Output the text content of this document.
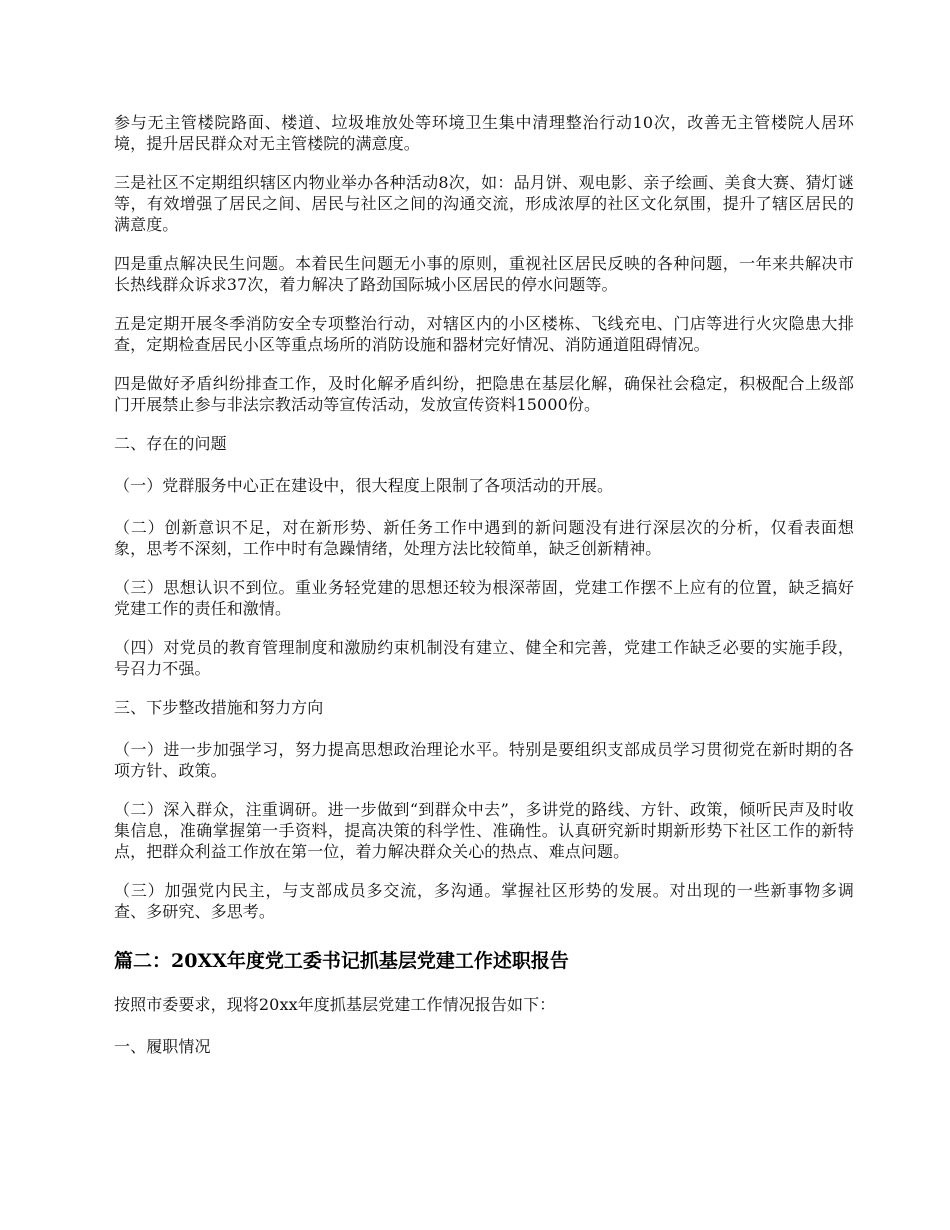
参与无主管楼院路面、楼道、垃圾堆放处等环境卫生集中清理整治行动10次，改善无主管楼院人居环境，提升居民群众对无主管楼院的满意度。

三是社区不定期组织辖区内物业举办各种活动8次，如：品月饼、观电影、亲子绘画、美食大赛、猜灯谜等，有效增强了居民之间、居民与社区之间的沟通交流，形成浓厚的社区文化氛围，提升了辖区居民的满意度。

四是重点解决民生问题。本着民生问题无小事的原则，重视社区居民反映的各种问题，一年来共解决市长热线群众诉求37次，着力解决了路劲国际城小区居民的停水问题等。

五是定期开展冬季消防安全专项整治行动，对辖区内的小区楼栋、飞线充电、门店等进行火灾隐患大排查，定期检查居民小区等重点场所的消防设施和器材完好情况、消防通道阻碍情况。

四是做好矛盾纠纷排查工作，及时化解矛盾纠纷，把隐患在基层化解，确保社会稳定，积极配合上级部门开展禁止参与非法宗教活动等宣传活动，发放宣传资料15000份。

二、存在的问题

（一）党群服务中心正在建设中，很大程度上限制了各项活动的开展。

（二）创新意识不足，对在新形势、新任务工作中遇到的新问题没有进行深层次的分析，仅看表面想象，思考不深刻，工作中时有急躁情绪，处理方法比较简单，缺乏创新精神。

（三）思想认识不到位。重业务轻党建的思想还较为根深蒂固，党建工作摆不上应有的位置，缺乏搞好党建工作的责任和激情。

（四）对党员的教育管理制度和激励约束机制没有建立、健全和完善，党建工作缺乏必要的实施手段，号召力不强。

三、下步整改措施和努力方向

（一）进一步加强学习，努力提高思想政治理论水平。特别是要组织支部成员学习贯彻党在新时期的各项方针、政策。

（二）深入群众，注重调研。进一步做到“到群众中去”，多讲党的路线、方针、政策，倾听民声及时收集信息，准确掌握第一手资料，提高决策的科学性、准确性。认真研究新时期新形势下社区工作的新特点，把群众利益工作放在第一位，着力解决群众关心的热点、难点问题。

（三）加强党内民主，与支部成员多交流，多沟通。掌握社区形势的发展。对出现的一些新事物多调查、多研究、多思考。

篇二：20XX年度党工委书记抓基层党建工作述职报告

按照市委要求，现将20xx年度抓基层党建工作情况报告如下：

一、履职情况
